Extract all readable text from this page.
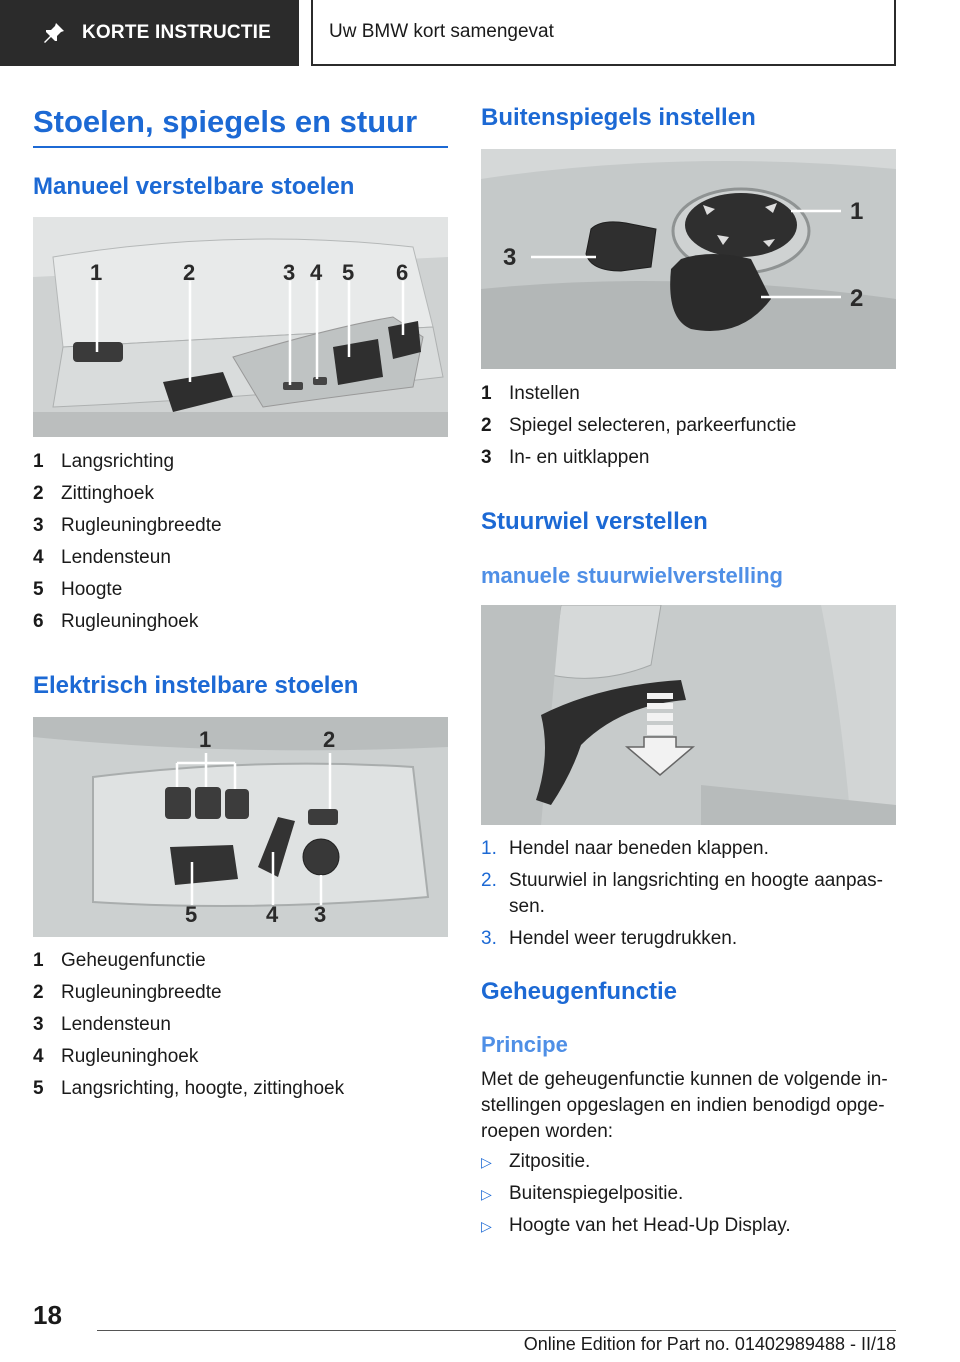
KORTE INSTRUCTIE	Uw BMW kort samengevat
Stoelen, spiegels en stuur
Manueel verstelbare stoelen
1	2	3 4 5 6
1 Langsrichting
2 Zittinghoek
3 Rugleuningbreedte
4 Lendensteun
5 Hoogte
6 Rugleuninghoek
Elektrisch instelbare stoelen
1	2
5	4 3
1 Geheugenfunctie
2 Rugleuningbreedte
3 Lendensteun
4 Rugleuninghoek
5 Langsrichting, hoogte, zittinghoek
Buitenspiegels instellen
1
2
3
1 Instellen
2 Spiegel selecteren, parkeerfunctie
3 In- en uitklappen
Stuurwiel verstellen
manuele stuurwielverstelling
1. Hendel naar beneden klappen.
2. Stuurwiel in langsrichting en hoogte aanpas-sen.
3. Hendel weer terugdrukken.
Geheugenfunctie
Principe

Met de geheugenfunctie kunnen de volgende in-stellingen opgeslagen en indien benodigd opge-roepen worden:

▷ Zitpositie.
▷ Buitenspiegelpositie.
▷ Hoogte van het Head-Up Display.
18
Online Edition for Part no. 01402989488 - II/18
